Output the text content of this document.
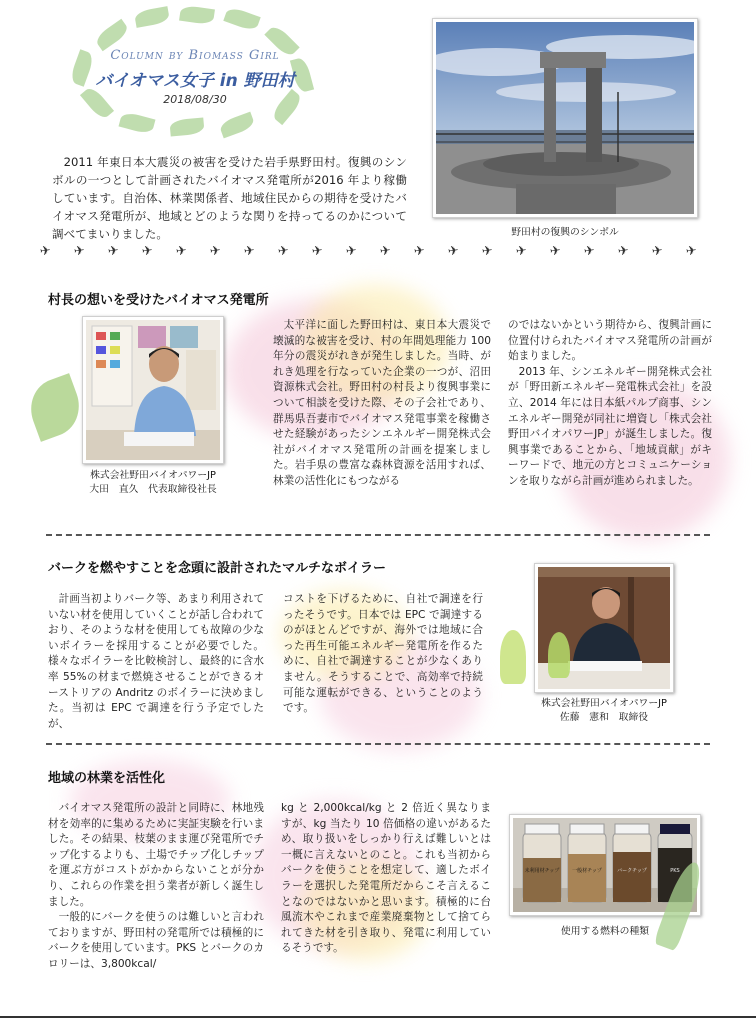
Column by Biomass Girl
バイオマス女子 in 野田村
2018/08/30
2011 年東日本大震災の被害を受けた岩手県野田村。復興のシンボルの一つとして計画されたバイオマス発電所が2016 年より稼働しています。自治体、林業関係者、地域住民からの期待を受けたバイオマス発電所が、地域とどのような関りを持ってるのかについて調べてまいりました。	野田村の復興のシンボル
✈ ✈ ✈ ✈ ✈ ✈ ✈ ✈ ✈ ✈ ✈ ✈ ✈ ✈ ✈ ✈ ✈ ✈ ✈ ✈
村長の想いを受けたバイオマス発電所
株式会社野田バイオパワーJP
大田　直久　代表取締役社長
太平洋に面した野田村は、東日本大震災で壊滅的な被害を受け、村の年間処理能力 100 年分の震災がれきが発生しました。当時、がれき処理を行なっていた企業の一つが、沼田資源株式会社。野田村の村長より復興事業について相談を受けた際、その子会社であり、群馬県吾妻市でバイオマス発電事業を稼働させた経験があったシンエネルギー開発株式会社がバイオマス発電所の計画を提案しました。岩手県の豊富な森林資源を活用すれば、林業の活性化にもつながる

のではないかという期待から、復興計画に位置付けられたバイオマス発電所の計画が始まりました。

2013 年、シンエネルギー開発株式会社が「野田新エネルギー発電株式会社」を設立、2014 年には日本紙パルプ商事、シンエネルギー開発が同社に増資し「株式会社野田バイオパワーJP」が誕生しました。復興事業であることから、「地域貢献」がキーワードで、地元の方とコミュニケーションを取りながら計画が進められました。

バークを燃やすことを念頭に設計されたマルチなボイラー
計画当初よりバーク等、あまり利用されていない材を使用していくことが話し合われており、そのような材を使用しても故障の少ないボイラーを採用することが必要でした。様々なボイラーを比較検討し、最終的に含水率 55%の材まで燃焼させることができるオーストリアの Andritz のボイラーに決めました。当初は EPC で調達を行う予定でしたが、
コストを下げるために、自社で調達を行ったそうです。日本では EPC で調達するのがほとんどですが、海外では地域に合った再生可能エネルギー発電所を作るために、自社で調達することが少なくありません。そうすることで、高効率で持続可能な運転ができる、ということのようです。	株式会社野田バイオパワーJP
佐藤　憲和　取締役
地域の林業を活性化

バイオマス発電所の設計と同時に、林地残材を効率的に集めるために実証実験を行いました。その結果、枝葉のまま運び発電所でチップ化するよりも、土場でチップ化しチップを運ぶ方がコストがかからないことが分かり、これらの作業を担う業者が新しく誕生しました。

一般的にバークを使うのは難しいと言われておりますが、野田村の発電所では積極的にバークを使用しています。PKS とバークのカロリーは、3,800kcal/

kg と 2,000kcal/kg と 2 倍近く異なりますが、kg 当たり 10 倍価格の違いがあるため、取り扱いをしっかり行えば難しいとは一概に言えないとのこと。これも当初からバークを使うことを想定して、適したボイラーを選択した発電所だからこそ言えることなのではないかと思います。積極的に台風流木やこれまで産業廃棄物として捨てられてきた材を引き取り、発電に利用しているそうです。
未利用材チップ	一般材チップ	バークチップ	PKS
使用する燃料の種類
